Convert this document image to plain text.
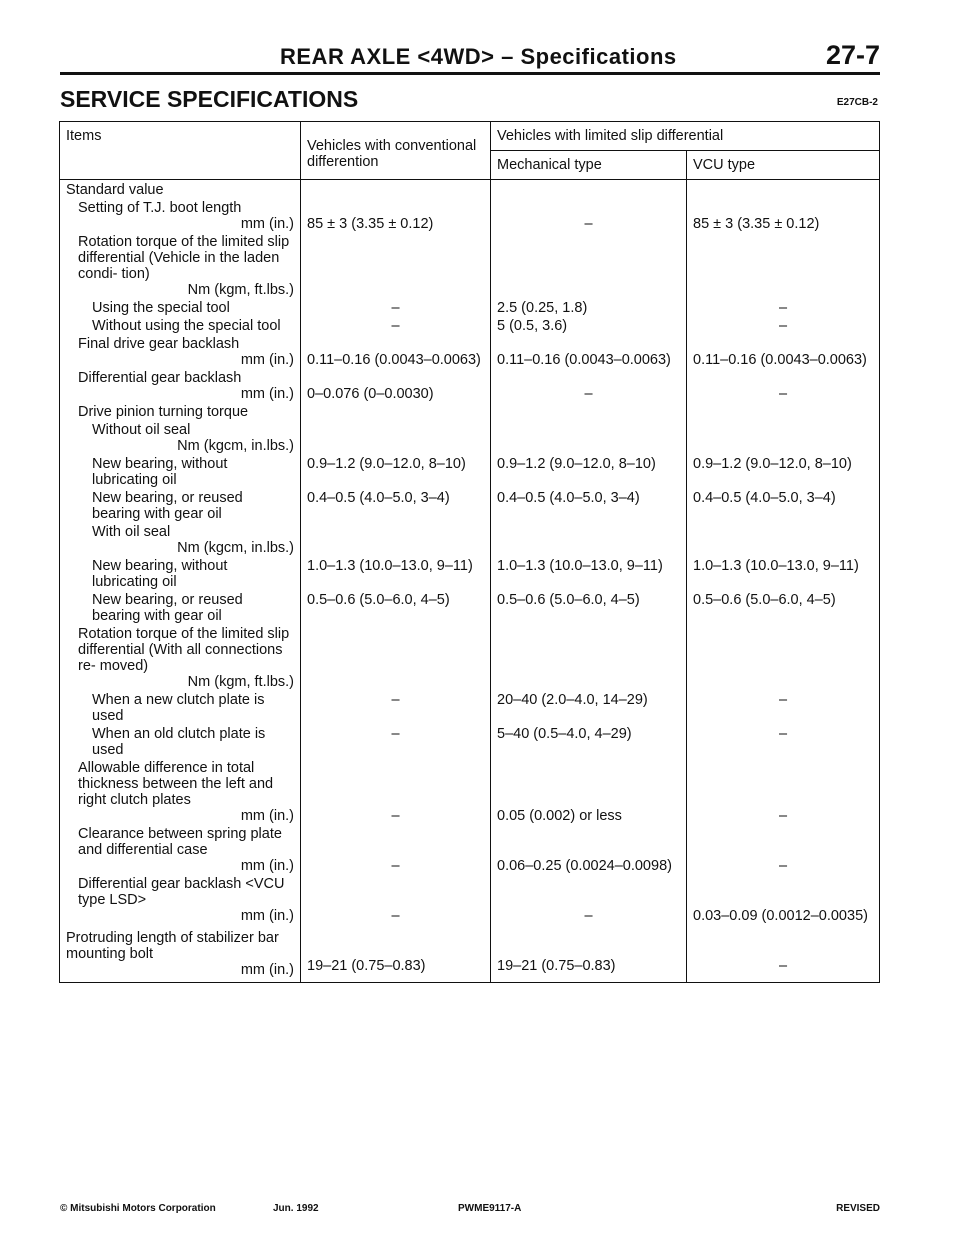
REAR AXLE <4WD> – Specifications	27-7
SERVICE SPECIFICATIONS	E27CB-2
Items	Vehicles with conventional differention	Vehicles with limited slip differential	
		Mechanical type	VCU type

Standard value			

Setting of T.J. boot length
mm (in.)	85 ± 3 (3.35 ± 0.12)	–	85 ± 3 (3.35 ± 0.12)

Rotation torque of the limited slip differential (Vehicle in the laden condi- tion)
Nm (kgm, ft.lbs.)			

Using the special tool	–	2.5 (0.25, 1.8)	–

Without using the special tool	–	5 (0.5, 3.6)	–

Final drive gear backlash
mm (in.)	0.11–0.16 (0.0043–0.0063)	0.11–0.16 (0.0043–0.0063)	0.11–0.16 (0.0043–0.0063)

Differential gear backlash
mm (in.)	0–0.076 (0–0.0030)	–	–

Drive pinion turning torque			

Without oil seal
Nm (kgcm, in.lbs.)			

New bearing, without lubricating oil	0.9–1.2 (9.0–12.0, 8–10)	0.9–1.2 (9.0–12.0, 8–10)	0.9–1.2 (9.0–12.0, 8–10)

New bearing, or reused bearing with gear oil	0.4–0.5 (4.0–5.0, 3–4)	0.4–0.5 (4.0–5.0, 3–4)	0.4–0.5 (4.0–5.0, 3–4)

With oil seal
Nm (kgcm, in.lbs.)			

New bearing, without lubricating oil	1.0–1.3 (10.0–13.0, 9–11)	1.0–1.3 (10.0–13.0, 9–11)	1.0–1.3 (10.0–13.0, 9–11)

New bearing, or reused bearing with gear oil	0.5–0.6 (5.0–6.0, 4–5)	0.5–0.6 (5.0–6.0, 4–5)	0.5–0.6 (5.0–6.0, 4–5)

Rotation torque of the limited slip differential (With all connections re- moved)
Nm (kgm, ft.lbs.)			

When a new clutch plate is used	–	20–40 (2.0–4.0, 14–29)	–

When an old clutch plate is used	–	5–40 (0.5–4.0, 4–29)	–

Allowable difference in total thickness between the left and right clutch plates
mm (in.)	–	0.05 (0.002) or less	–

Clearance between spring plate and differential case
mm (in.)	–	0.06–0.25 (0.0024–0.0098)	–

Differential gear backlash <VCU type LSD>
mm (in.)	–	–	0.03–0.09 (0.0012–0.0035)

Protruding length of stabilizer bar mounting bolt
mm (in.)	19–21 (0.75–0.83)	19–21 (0.75–0.83)	–
© Mitsubishi Motors Corporation	Jun. 1992	PWME9117-A	REVISED
